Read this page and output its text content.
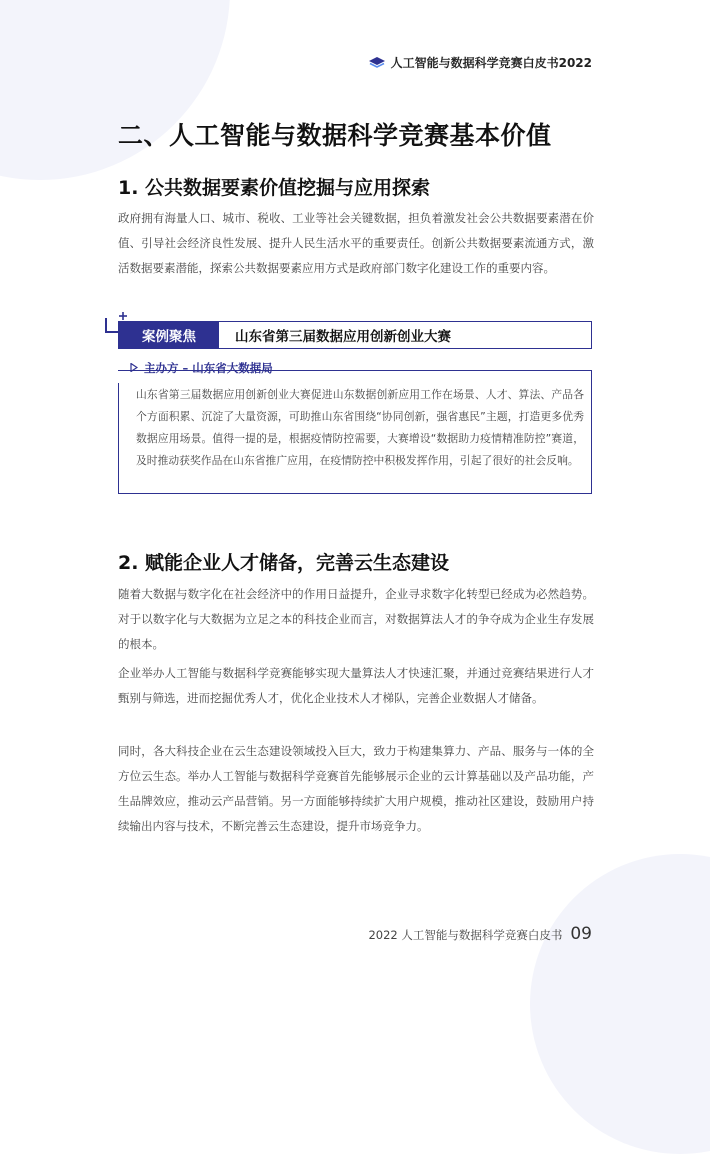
人工智能与数据科学竞赛白皮书2022
二、人工智能与数据科学竞赛基本价值
1. 公共数据要素价值挖掘与应用探索

政府拥有海量人口、城市、税收、工业等社会关键数据，担负着激发社会公共数据要素潜在价值、引导社会经济良性发展、提升人民生活水平的重要责任。创新公共数据要素流通方式，激活数据要素潜能，探索公共数据要素应用方式是政府部门数字化建设工作的重要内容。

案例聚焦	山东省第三届数据应用创新创业大赛
主办方 – 山东省大数据局

山东省第三届数据应用创新创业大赛促进山东数据创新应用工作在场景、人才、算法、产品各个方面积累、沉淀了大量资源，可助推山东省围绕“协同创新，强省惠民”主题，打造更多优秀数据应用场景。值得一提的是，根据疫情防控需要，大赛增设“数据助力疫情精准防控”赛道，及时推动获奖作品在山东省推广应用，在疫情防控中积极发挥作用，引起了很好的社会反响。

2. 赋能企业人才储备，完善云生态建设

随着大数据与数字化在社会经济中的作用日益提升，企业寻求数字化转型已经成为必然趋势。对于以数字化与大数据为立足之本的科技企业而言，对数据算法人才的争夺成为企业生存发展的根本。

企业举办人工智能与数据科学竞赛能够实现大量算法人才快速汇聚，并通过竞赛结果进行人才甄别与筛选，进而挖掘优秀人才，优化企业技术人才梯队，完善企业数据人才储备。

同时，各大科技企业在云生态建设领域投入巨大，致力于构建集算力、产品、服务与一体的全方位云生态。举办人工智能与数据科学竞赛首先能够展示企业的云计算基础以及产品功能，产生品牌效应，推动云产品营销。另一方面能够持续扩大用户规模，推动社区建设，鼓励用户持续输出内容与技术，不断完善云生态建设，提升市场竞争力。

2022 人工智能与数据科学竞赛白皮书 09
